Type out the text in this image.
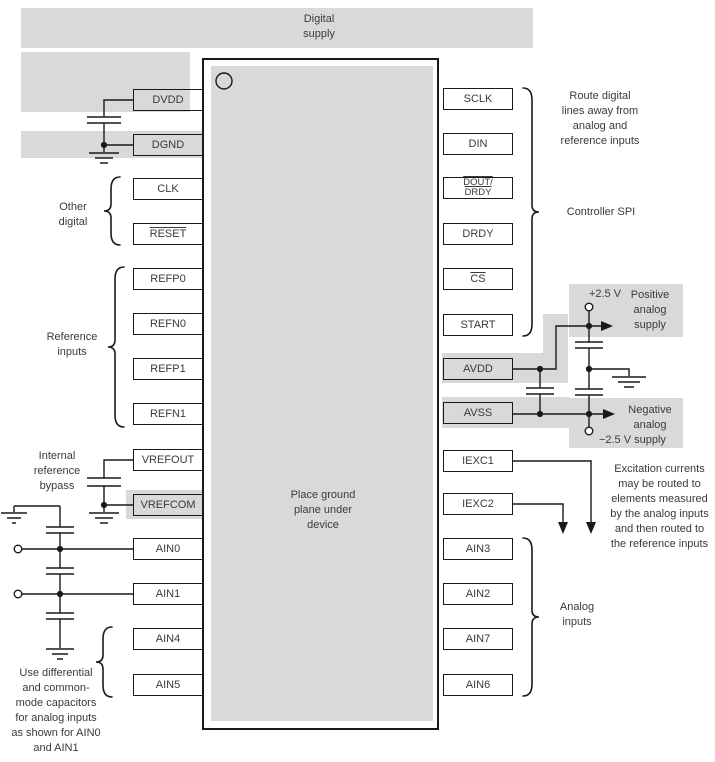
Place ground
plane under
device
DVDD
DGND
CLK
RESET
REFP0
REFN0
REFP1
REFN1
VREFOUT
VREFCOM
AIN0
AIN1
AIN4
AIN5
SCLK
DIN
DOUT/
DRDY
DRDY
$\overline{CS}$
START
AVDD
AVSS
IEXC1
IEXC2
AIN3
AIN2
AIN7
AIN6
Digital
supply
Route digital
lines away from
analog and
reference inputs
Controller SPI
Other
digital
Reference
inputs
Internal
reference
bypass
Use differential
and common-
mode capacitors
for analog inputs
as shown for AIN0
and AIN1
+2.5 V Positive
analog
supply
−2.5 V
Negative
analog
supply
Excitation currents
may be routed to
elements measured
by the analog inputs
and then routed to
the reference inputs
Analog
inputs
